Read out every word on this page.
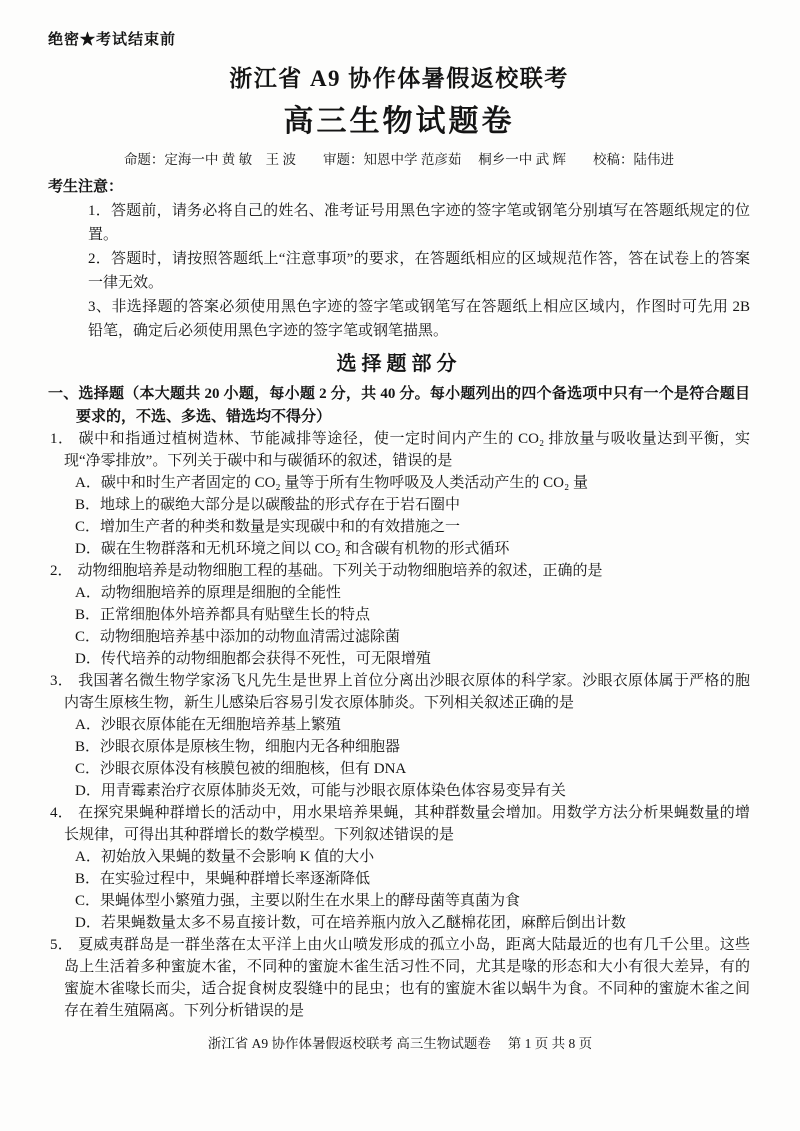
绝密★考试结束前
浙江省 A9 协作体暑假返校联考
高三生物试题卷
命题：定海一中 黄 敏　王 波　　审题：知恩中学 范彦茹　 桐乡一中 武 辉　　校稿：陆伟进
考生注意：

1．答题前，请务必将自己的姓名、准考证号用黑色字迹的签字笔或钢笔分别填写在答题纸规定的位置。

2．答题时，请按照答题纸上“注意事项”的要求，在答题纸相应的区域规范作答，答在试卷上的答案一律无效。

3、非选择题的答案必须使用黑色字迹的签字笔或钢笔写在答题纸上相应区域内，作图时可先用 2B 铅笔，确定后必须使用黑色字迹的签字笔或钢笔描黑。

选择题部分

一、选择题（本大题共 20 小题，每小题 2 分，共 40 分。每小题列出的四个备选项中只有一个是符合题目要求的，不选、多选、错选均不得分）

1． 碳中和指通过植树造林、节能减排等途径，使一定时间内产生的 CO₂ 排放量与吸收量达到平衡，实现“净零排放”。下列关于碳中和与碳循环的叙述，错误的是

A．碳中和时生产者固定的 CO₂ 量等于所有生物呼吸及人类活动产生的 CO₂ 量

B．地球上的碳绝大部分是以碳酸盐的形式存在于岩石圈中

C．增加生产者的种类和数量是实现碳中和的有效措施之一

D．碳在生物群落和无机环境之间以 CO₂ 和含碳有机物的形式循环

2． 动物细胞培养是动物细胞工程的基础。下列关于动物细胞培养的叙述，正确的是

A．动物细胞培养的原理是细胞的全能性

B．正常细胞体外培养都具有贴壁生长的特点

C．动物细胞培养基中添加的动物血清需过滤除菌

D．传代培养的动物细胞都会获得不死性，可无限增殖

3． 我国著名微生物学家汤飞凡先生是世界上首位分离出沙眼衣原体的科学家。沙眼衣原体属于严格的胞内寄生原核生物，新生儿感染后容易引发衣原体肺炎。下列相关叙述正确的是

A．沙眼衣原体能在无细胞培养基上繁殖

B．沙眼衣原体是原核生物，细胞内无各种细胞器

C．沙眼衣原体没有核膜包被的细胞核，但有 DNA

D．用青霉素治疗衣原体肺炎无效，可能与沙眼衣原体染色体容易变异有关

4． 在探究果蝇种群增长的活动中，用水果培养果蝇，其种群数量会增加。用数学方法分析果蝇数量的增长规律，可得出其种群增长的数学模型。下列叙述错误的是

A．初始放入果蝇的数量不会影响 K 值的大小

B．在实验过程中，果蝇种群增长率逐渐降低

C．果蝇体型小繁殖力强，主要以附生在水果上的酵母菌等真菌为食

D．若果蝇数量太多不易直接计数，可在培养瓶内放入乙醚棉花团，麻醉后倒出计数

5． 夏威夷群岛是一群坐落在太平洋上由火山喷发形成的孤立小岛，距离大陆最近的也有几千公里。这些岛上生活着多种蜜旋木雀，不同种的蜜旋木雀生活习性不同，尤其是喙的形态和大小有很大差异，有的蜜旋木雀喙长而尖，适合捉食树皮裂缝中的昆虫；也有的蜜旋木雀以蜗牛为食。不同种的蜜旋木雀之间存在着生殖隔离。下列分析错误的是

浙江省 A9 协作体暑假返校联考 高三生物试题卷　 第 1 页 共 8 页
